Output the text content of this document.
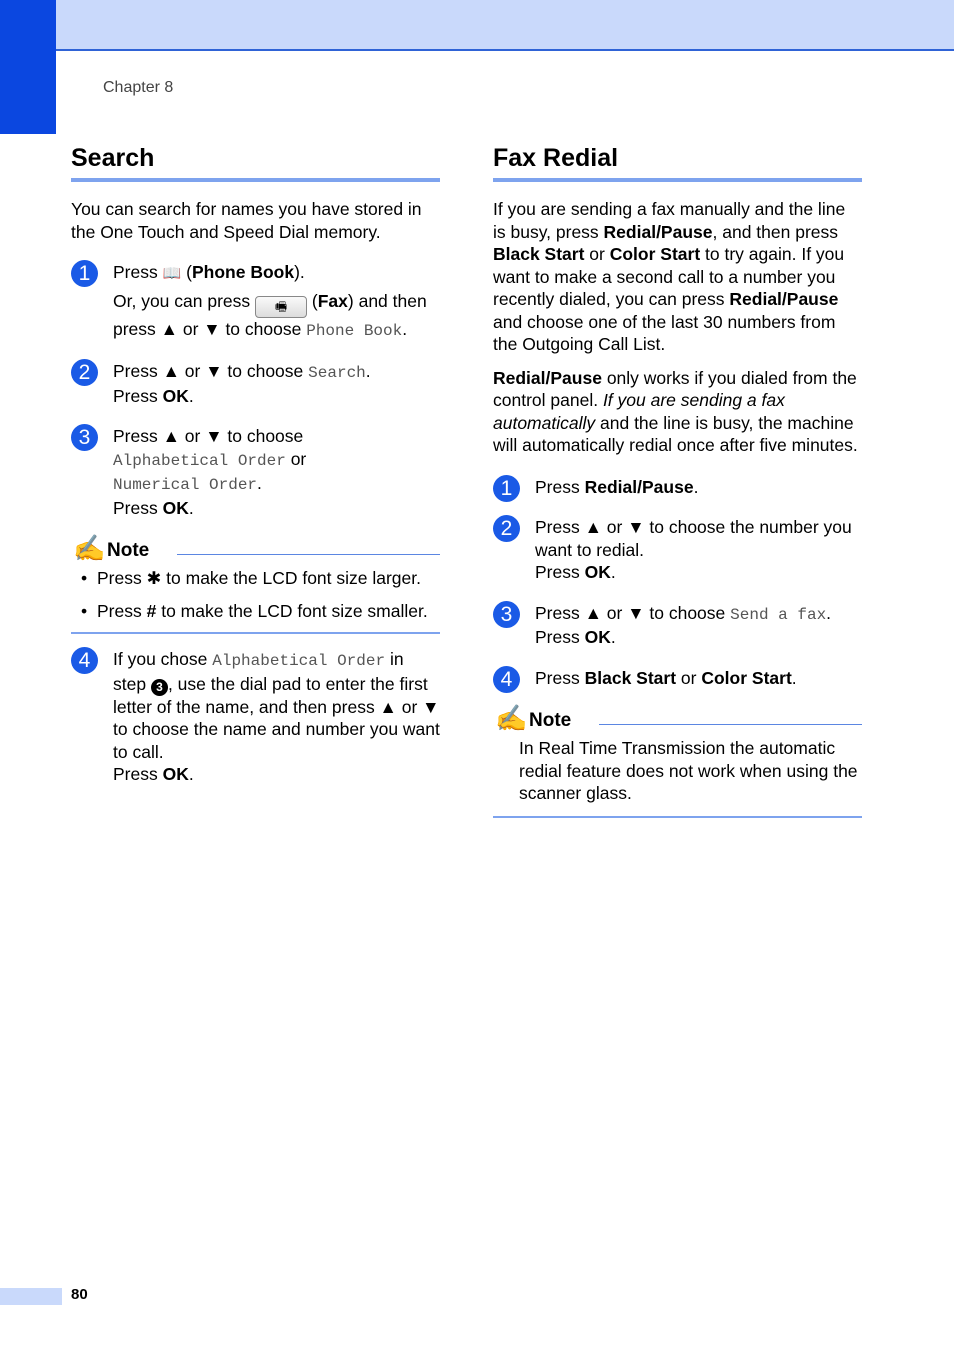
Chapter 8
Search

You can search for names you have stored in the One Touch and Speed Dial memory.

1	Press 📖 (Phone Book).

Or, you can press 🖷 (Fax) and then press ▲ or ▼ to choose Phone Book.

2	Press ▲ or ▼ to choose Search.

Press OK.

3	Press ▲ or ▼ to choose

Alphabetical Order or

Numerical Order.

Press OK.

✍ Note

• Press ✱ to make the LCD font size larger.

• Press # to make the LCD font size smaller.

4	If you chose Alphabetical Order in step 3 , use the dial pad to enter the first letter of the name, and then press ▲ or ▼ to choose the name and number you want to call.

Press OK.

Fax Redial

If you are sending a fax manually and the line is busy, press Redial/Pause, and then press Black Start or Color Start to try again. If you want to make a second call to a number you recently dialed, you can press Redial/Pause and choose one of the last 30 numbers from the Outgoing Call List.

Redial/Pause only works if you dialed from the control panel. If you are sending a fax automatically and the line is busy, the machine will automatically redial once after five minutes.

1	Press Redial/Pause.

2	Press ▲ or ▼ to choose the number you want to redial.

Press OK.

3	Press ▲ or ▼ to choose Send a fax.

Press OK.

4	Press Black Start or Color Start.

✍ Note

In Real Time Transmission the automatic redial feature does not work when using the scanner glass.

80
